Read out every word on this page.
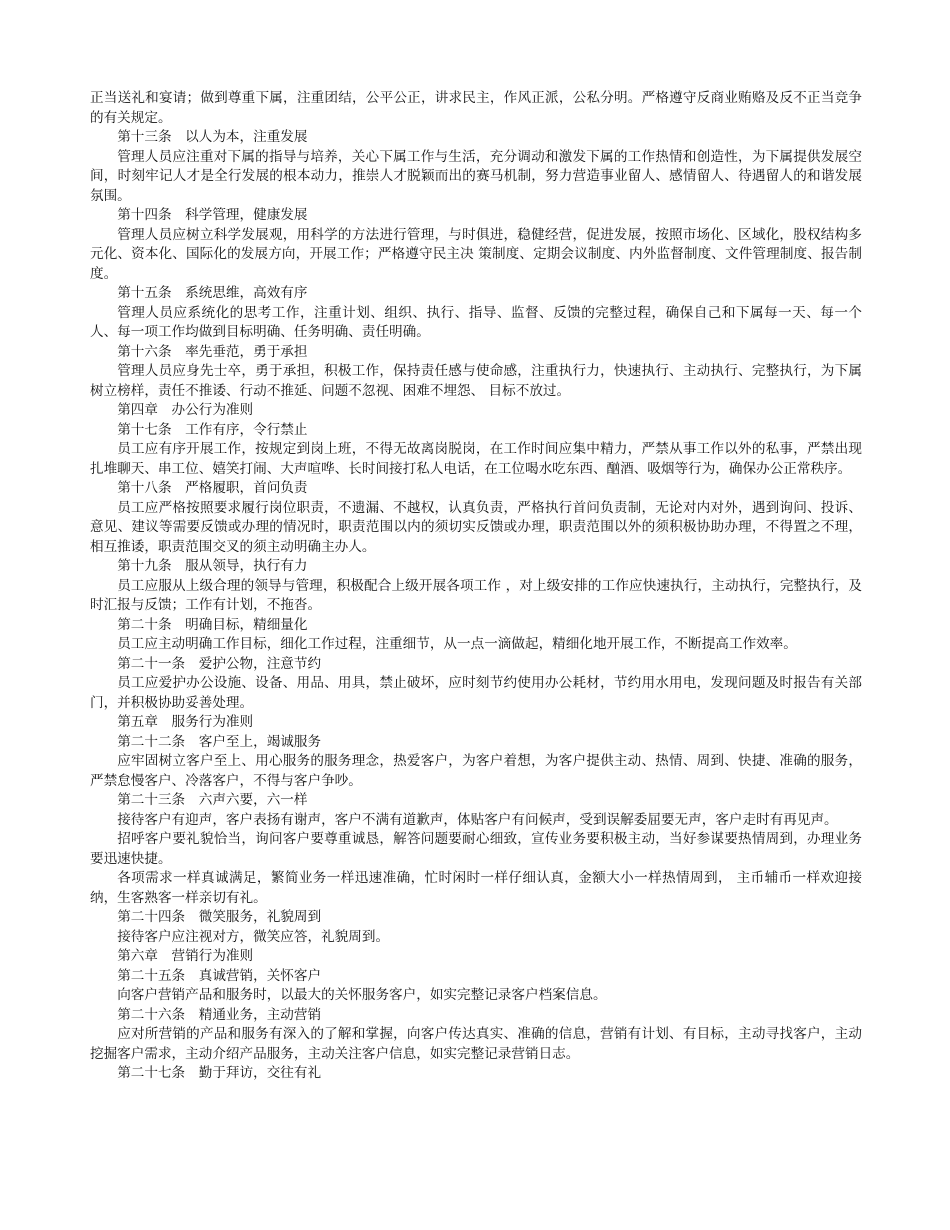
正当送礼和宴请；做到尊重下属，注重团结，公平公正，讲求民主，作风正派，公私分明。严格遵守反商业贿赂及反不正当竞争的有关规定。

第十三条　以人为本，注重发展

管理人员应注重对下属的指导与培养，关心下属工作与生活，充分调动和激发下属的工作热情和创造性，为下属提供发展空间，时刻牢记人才是全行发展的根本动力，推崇人才脱颖而出的赛马机制，努力营造事业留人、感情留人、待遇留人的和谐发展氛围。

第十四条　科学管理，健康发展

管理人员应树立科学发展观，用科学的方法进行管理，与时俱进，稳健经营，促进发展，按照市场化、区域化，股权结构多元化、资本化、国际化的发展方向，开展工作；严格遵守民主决 策制度、定期会议制度、内外监督制度、文件管理制度、报告制度。

第十五条　系统思维，高效有序

管理人员应系统化的思考工作，注重计划、组织、执行、指导、监督、反馈的完整过程，确保自己和下属每一天、每一个人、每一项工作均做到目标明确、任务明确、责任明确。

第十六条　率先垂范，勇于承担

管理人员应身先士卒，勇于承担，积极工作，保持责任感与使命感，注重执行力，快速执行、主动执行、完整执行，为下属树立榜样，责任不推诿、行动不推延、问题不忽视、困难不埋怨、 目标不放过。

第四章　办公行为准则

第十七条　工作有序，令行禁止

员工应有序开展工作，按规定到岗上班，不得无故离岗脱岗，在工作时间应集中精力，严禁从事工作以外的私事，严禁出现扎堆聊天、串工位、嬉笑打闹、大声喧哗、长时间接打私人电话，在工位喝水吃东西、酗酒、吸烟等行为，确保办公正常秩序。

第十八条　严格履职，首问负责

员工应严格按照要求履行岗位职责，不遗漏、不越权，认真负责，严格执行首问负责制，无论对内对外，遇到询问、投诉、意见、建议等需要反馈或办理的情况时，职责范围以内的须切实反馈或办理，职责范围以外的须积极协助办理，不得置之不理，相互推诿，职责范围交叉的须主动明确主办人。

第十九条　服从领导，执行有力

员工应服从上级合理的领导与管理，积极配合上级开展各项工作 ，对上级安排的工作应快速执行，主动执行，完整执行，及时汇报与反馈；工作有计划，不拖沓。

第二十条　明确目标，精细量化

员工应主动明确工作目标，细化工作过程，注重细节，从一点一滴做起，精细化地开展工作，不断提高工作效率。

第二十一条　爱护公物，注意节约

员工应爱护办公设施、设备、用品、用具，禁止破坏，应时刻节约使用办公耗材，节约用水用电，发现问题及时报告有关部门，并积极协助妥善处理。

第五章　服务行为准则

第二十二条　客户至上，竭诚服务

应牢固树立客户至上、用心服务的服务理念，热爱客户，为客户着想，为客户提供主动、热情、周到、快捷、准确的服务，严禁怠慢客户、冷落客户，不得与客户争吵。

第二十三条　六声六要，六一样

接待客户有迎声，客户表扬有谢声，客户不满有道歉声，体贴客户有问候声，受到误解委屈要无声，客户走时有再见声。

招呼客户要礼貌恰当，询问客户要尊重诚恳，解答问题要耐心细致，宣传业务要积极主动，当好参谋要热情周到，办理业务要迅速快捷。

各项需求一样真诚满足，繁简业务一样迅速准确，忙时闲时一样仔细认真，金额大小一样热情周到， 主币辅币一样欢迎接纳，生客熟客一样亲切有礼。

第二十四条　微笑服务，礼貌周到

接待客户应注视对方，微笑应答，礼貌周到。

第六章　营销行为准则

第二十五条　真诚营销，关怀客户

向客户营销产品和服务时，以最大的关怀服务客户，如实完整记录客户档案信息。

第二十六条　精通业务，主动营销

应对所营销的产品和服务有深入的了解和掌握，向客户传达真实、准确的信息，营销有计划、有目标，主动寻找客户，主动挖掘客户需求，主动介绍产品服务，主动关注客户信息，如实完整记录营销日志。

第二十七条　勤于拜访，交往有礼
